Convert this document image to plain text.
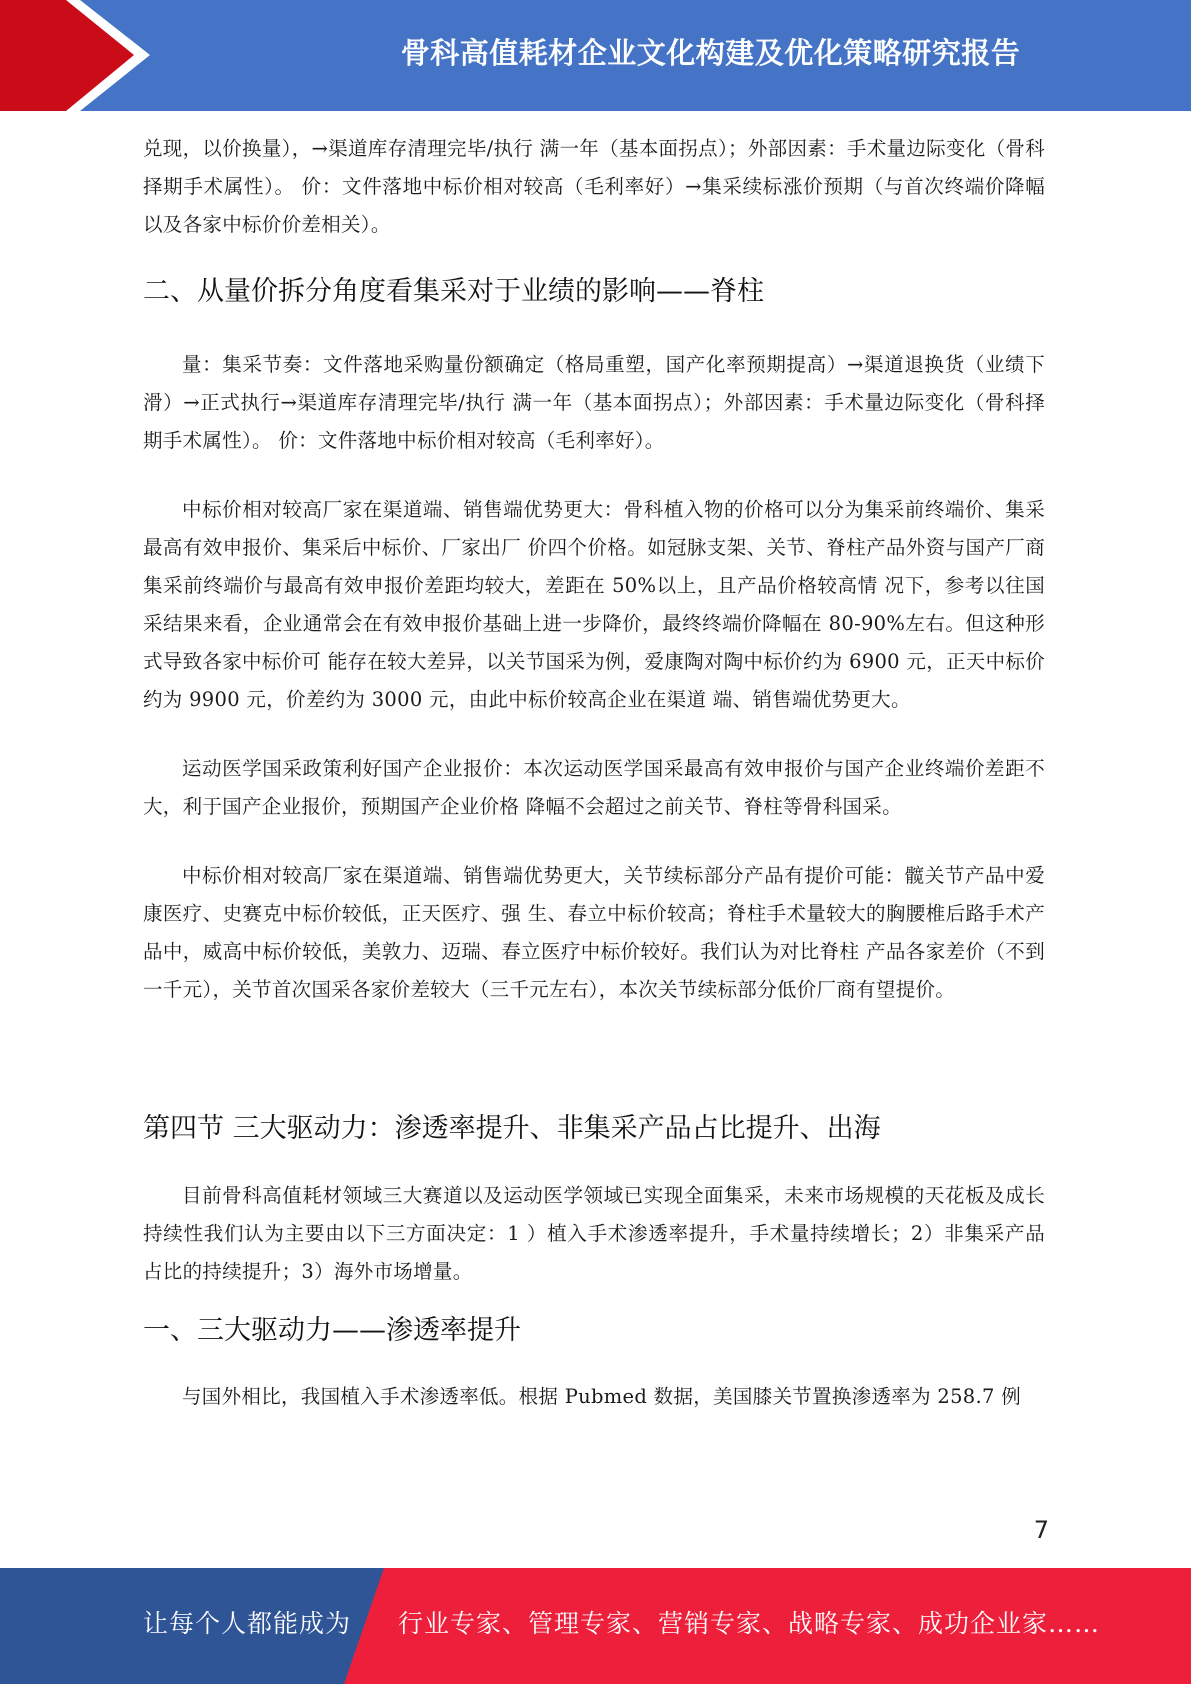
骨科高值耗材企业文化构建及优化策略研究报告

兑现，以价换量），→渠道库存清理完毕/执行 满一年（基本面拐点）；外部因素：手术量边际变化（骨科择期手术属性）。 价：文件落地中标价相对较高（毛利率好）→集采续标涨价预期（与首次终端价降幅以及各家中标价价差相关）。

二、从量价拆分角度看集采对于业绩的影响——脊柱

量：集采节奏：文件落地采购量份额确定（格局重塑，国产化率预期提高）→渠道退换货（业绩下滑）→正式执行→渠道库存清理完毕/执行 满一年（基本面拐点）；外部因素：手术量边际变化（骨科择期手术属性）。 价：文件落地中标价相对较高（毛利率好）。

中标价相对较高厂家在渠道端、销售端优势更大：骨科植入物的价格可以分为集采前终端价、集采最高有效申报价、集采后中标价、厂家出厂 价四个价格。如冠脉支架、关节、脊柱产品外资与国产厂商集采前终端价与最高有效申报价差距均较大，差距在 50%以上，且产品价格较高情 况下，参考以往国采结果来看，企业通常会在有效申报价基础上进一步降价，最终终端价降幅在 80-90%左右。但这种形式导致各家中标价可 能存在较大差异，以关节国采为例，爱康陶对陶中标价约为 6900 元，正天中标价约为 9900 元，价差约为 3000 元，由此中标价较高企业在渠道 端、销售端优势更大。

运动医学国采政策利好国产企业报价：本次运动医学国采最高有效申报价与国产企业终端价差距不大，利于国产企业报价，预期国产企业价格 降幅不会超过之前关节、脊柱等骨科国采。

中标价相对较高厂家在渠道端、销售端优势更大，关节续标部分产品有提价可能：髋关节产品中爱康医疗、史赛克中标价较低，正天医疗、强 生、春立中标价较高；脊柱手术量较大的胸腰椎后路手术产品中，威高中标价较低，美敦力、迈瑞、春立医疗中标价较好。我们认为对比脊柱 产品各家差价（不到一千元），关节首次国采各家价差较大（三千元左右），本次关节续标部分低价厂商有望提价。

第四节 三大驱动力：渗透率提升、非集采产品占比提升、出海

目前骨科高值耗材领域三大赛道以及运动医学领域已实现全面集采，未来市场规模的天花板及成长持续性我们认为主要由以下三方面决定：1 ）植入手术渗透率提升，手术量持续增长；2）非集采产品占比的持续提升；3）海外市场增量。

一、三大驱动力——渗透率提升

与国外相比，我国植入手术渗透率低。根据 Pubmed 数据，美国膝关节置换渗透率为 258.7 例

7
让每个人都能成为 行业专家、管理专家、营销专家、战略专家、成功企业家……
